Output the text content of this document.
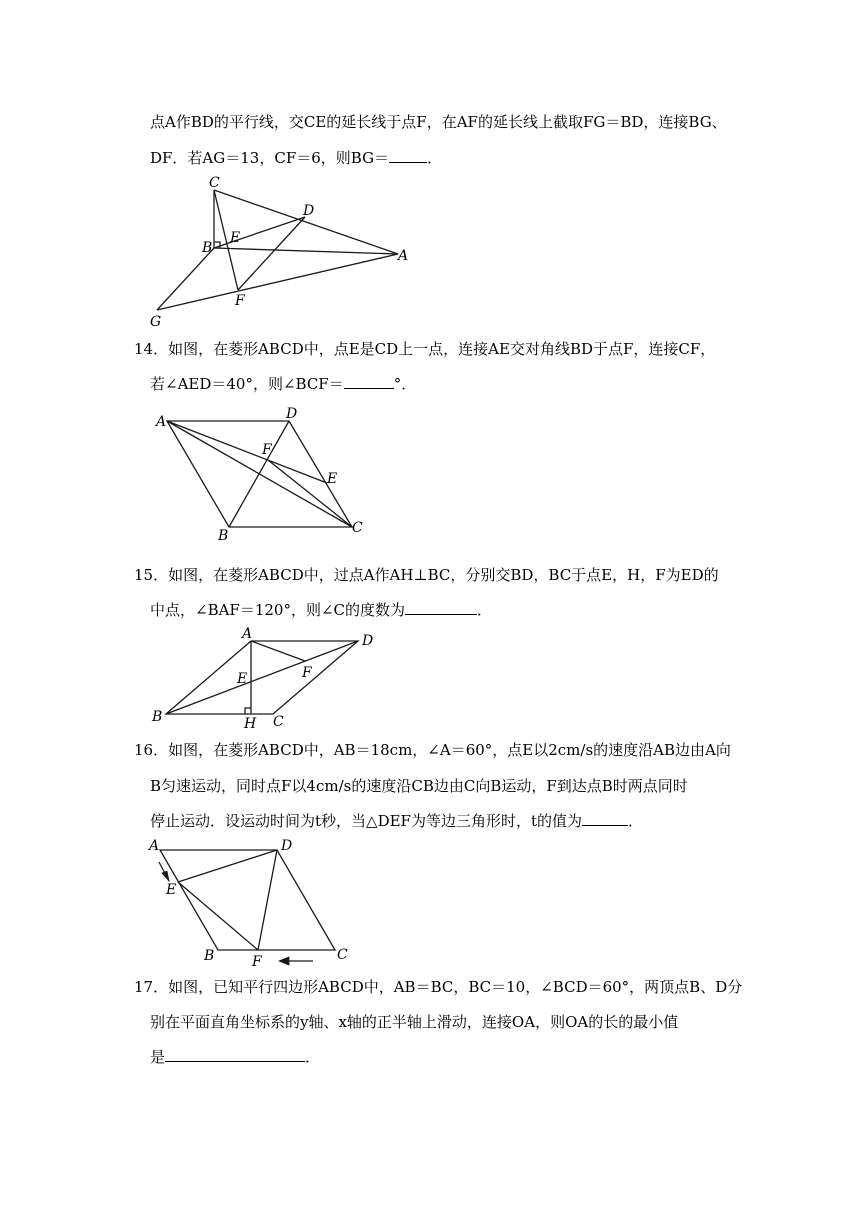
点A作BD的平行线，交CE的延长线于点F，在AF的延长线上截取FG＝BD，连接BG、
DF．若AG＝13，CF＝6，则BG＝	．
C
D
B
E
A
F
G
14．如图，在菱形ABCD中，点E是CD上一点，连接AE交对角线BD于点F，连接CF，
若∠AED＝40°，则∠BCF＝	°．
A	D
F
E
B	C
15．如图，在菱形ABCD中，过点A作AH⊥BC，分别交BD，BC于点E，H，F为ED的
中点，∠BAF＝120°，则∠C的度数为	．
A	D
E	F
B	H C
16．如图，在菱形ABCD中，AB＝18cm，∠A＝60°，点E以2cm/s的速度沿AB边由A向
B匀速运动，同时点F以4cm/s的速度沿CB边由C向B运动，F到达点B时两点同时
停止运动．设运动时间为t秒，当△DEF为等边三角形时，t的值为	．
A	D
E
B	F	C
17．如图，已知平行四边形ABCD中，AB＝BC，BC＝10，∠BCD＝60°，两顶点B、D分
别在平面直角坐标系的y轴、x轴的正半轴上滑动，连接OA，则OA的长的最小值
是	．
